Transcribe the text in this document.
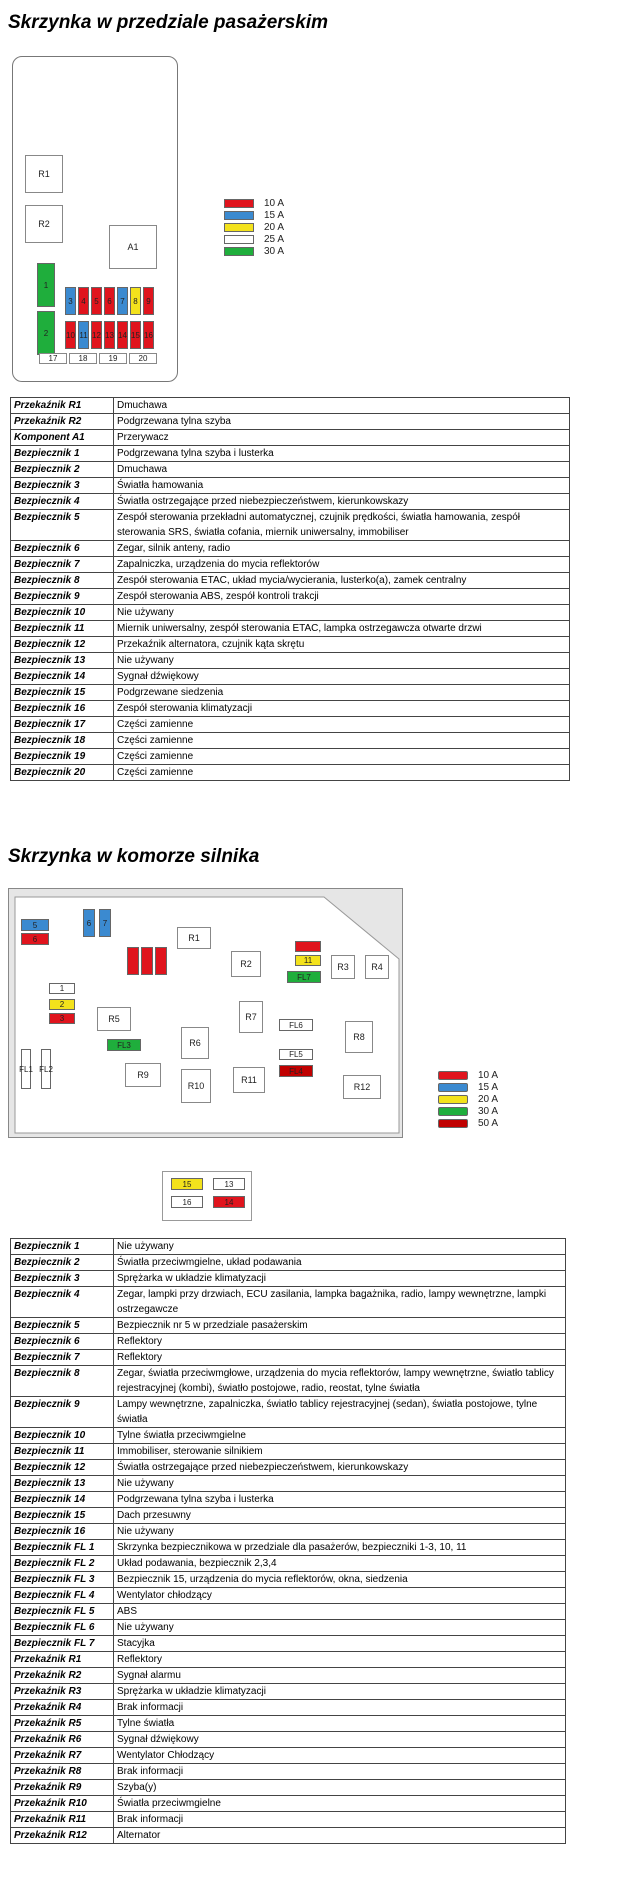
Skrzynka w przedziale pasażerskim
R1
R2
A1
1
2
3	4	5	6	7	8	9
10 11 12 13 14 15 16
17	18	19	20
10 A
15 A
20 A
25 A
30 A
Przekaźnik R1	Dmuchawa
Przekaźnik R2	Podgrzewana tylna szyba
Komponent A1	Przerywacz
Bezpiecznik 1	Podgrzewana tylna szyba i lusterka
Bezpiecznik 2	Dmuchawa
Bezpiecznik 3	Światła hamowania
Bezpiecznik 4	Światła ostrzegające przed niebezpieczeństwem, kierunkowskazy
Bezpiecznik 5	Zespół sterowania przekładni automatycznej, czujnik prędkości, światła hamowania, zespół sterowania SRS, światła cofania, miernik uniwersalny, immobiliser
Bezpiecznik 6	Zegar, silnik anteny, radio
Bezpiecznik 7	Zapalniczka, urządzenia do mycia reflektorów
Bezpiecznik 8	Zespół sterowania ETAC, układ mycia/wycierania, lusterko(a), zamek centralny
Bezpiecznik 9	Zespół sterowania ABS, zespół kontroli trakcji
Bezpiecznik 10	Nie używany
Bezpiecznik 11	Miernik uniwersalny, zespół sterowania ETAC, lampka ostrzegawcza otwarte drzwi
Bezpiecznik 12	Przekaźnik alternatora, czujnik kąta skrętu
Bezpiecznik 13	Nie używany
Bezpiecznik 14	Sygnał dźwiękowy
Bezpiecznik 15	Podgrzewane siedzenia
Bezpiecznik 16	Zespół sterowania klimatyzacji
Bezpiecznik 17	Części zamienne
Bezpiecznik 18	Części zamienne
Bezpiecznik 19	Części zamienne
Bezpiecznik 20	Części zamienne
Skrzynka w komorze silnika
R1
R2	R3	R4
R5
R6
R7
R8
R9
R10
R11
R12
5
6
6	7
1
2
3
11
FL7
FL6
FL5
FL4
FL3
FL1 FL2
10 A
15 A
20 A
30 A
50 A
15	13
16	14
Bezpiecznik 1	Nie używany
Bezpiecznik 2	Światła przeciwmgielne, układ podawania
Bezpiecznik 3	Sprężarka w układzie klimatyzacji
Bezpiecznik 4	Zegar, lampki przy drzwiach, ECU zasilania, lampka bagażnika, radio, lampy wewnętrzne, lampki ostrzegawcze
Bezpiecznik 5	Bezpiecznik nr 5 w przedziale pasażerskim
Bezpiecznik 6	Reflektory
Bezpiecznik 7	Reflektory
Bezpiecznik 8	Zegar, światła przeciwmgłowe, urządzenia do mycia reflektorów, lampy wewnętrzne, światło tablicy rejestracyjnej (kombi), światło postojowe, radio, reostat, tylne światła
Bezpiecznik 9	Lampy wewnętrzne, zapalniczka, światło tablicy rejestracyjnej (sedan), światła postojowe, tylne światła
Bezpiecznik 10	Tylne światła przeciwmgielne
Bezpiecznik 11	Immobiliser, sterowanie silnikiem
Bezpiecznik 12	Światła ostrzegające przed niebezpieczeństwem, kierunkowskazy
Bezpiecznik 13	Nie używany
Bezpiecznik 14	Podgrzewana tylna szyba i lusterka
Bezpiecznik 15	Dach przesuwny
Bezpiecznik 16	Nie używany
Bezpiecznik FL 1	Skrzynka bezpiecznikowa w przedziale dla pasażerów, bezpieczniki 1-3, 10, 11
Bezpiecznik FL 2	Układ podawania, bezpiecznik 2,3,4
Bezpiecznik FL 3	Bezpiecznik 15, urządzenia do mycia reflektorów, okna, siedzenia
Bezpiecznik FL 4	Wentylator chłodzący
Bezpiecznik FL 5	ABS
Bezpiecznik FL 6	Nie używany
Bezpiecznik FL 7	Stacyjka
Przekaźnik R1	Reflektory
Przekaźnik R2	Sygnał alarmu
Przekaźnik R3	Sprężarka w układzie klimatyzacji
Przekaźnik R4	Brak informacji
Przekaźnik R5	Tylne światła
Przekaźnik R6	Sygnał dźwiękowy
Przekaźnik R7	Wentylator Chłodzący
Przekaźnik R8	Brak informacji
Przekaźnik R9	Szyba(y)
Przekaźnik R10	Światła przeciwmgielne
Przekaźnik R11	Brak informacji
Przekaźnik R12	Alternator
